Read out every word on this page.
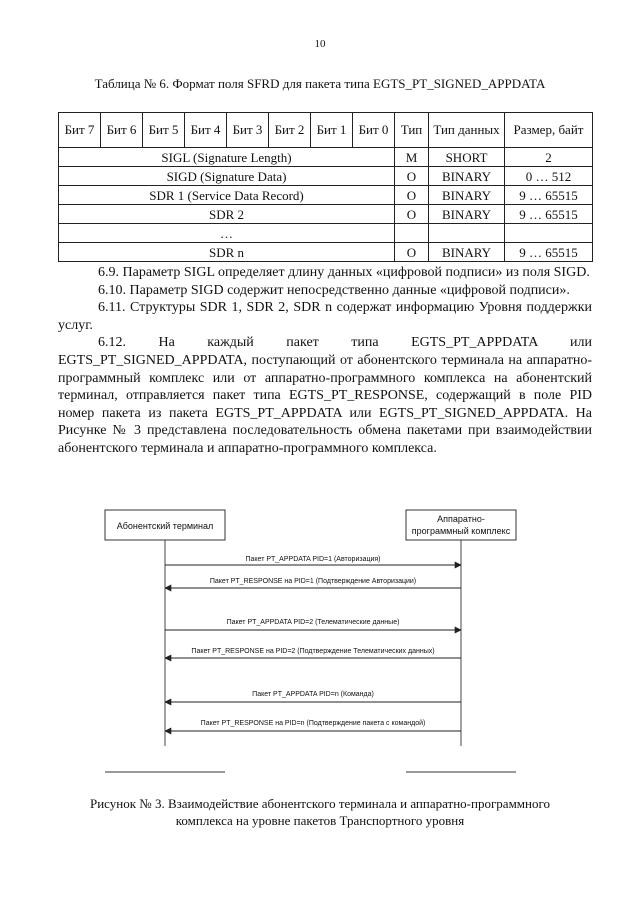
10
Таблица № 6. Формат поля SFRD для пакета типа EGTS_PT_SIGNED_APPDATA
Бит 7	Бит 6	Бит 5	Бит 4	Бит 3	Бит 2	Бит 1	Бит 0	Тип	Тип данных	Размер, байт
SIGL (Signature Length)								M	SHORT	2
SIGD (Signature Data)								O	BINARY	0 … 512
SDR 1 (Service Data Record)								O	BINARY	9 … 65515
SDR 2								O	BINARY	9 … 65515
…										
SDR n								O	BINARY	9 … 65515

6.9. Параметр SIGL определяет длину данных «цифровой подписи» из поля SIGD.

6.10. Параметр SIGD содержит непосредственно данные «цифровой подписи».

6.11. Структуры SDR 1, SDR 2, SDR n содержат информацию Уровня поддержки услуг.

6.12. На каждый пакет типа EGTS_PT_APPDATA или EGTS_PT_SIGNED_APPDATA, поступающий от абонентского терминала на аппаратно-программный комплекс или от аппаратно-программного комплекса на абонентский терминал, отправляется пакет типа EGTS_PT_RESPONSE, содержащий в поле PID номер пакета из пакета EGTS_PT_APPDATA или EGTS_PT_SIGNED_APPDATA. На Рисунке № 3 представлена последовательность обмена пакетами при взаимодействии абонентского терминала и аппаратно-программного комплекса.

Абонентский терминал
Аппаратно-
программный комплекс
Пакет PT_APPDATA PID=1 (Авторизация)
Пакет PT_RESPONSE на PID=1 (Подтверждение Авторизации)
Пакет PT_APPDATA PID=2 (Телематические данные)
Пакет PT_RESPONSE на PID=2 (Подтверждение Телематических данных)
Пакет PT_APPDATA PID=n (Команда)
Пакет PT_RESPONSE на PID=n (Подтверждение пакета с командой)
Рисунок № 3. Взаимодействие абонентского терминала и аппаратно-программного
комплекса на уровне пакетов Транспортного уровня
